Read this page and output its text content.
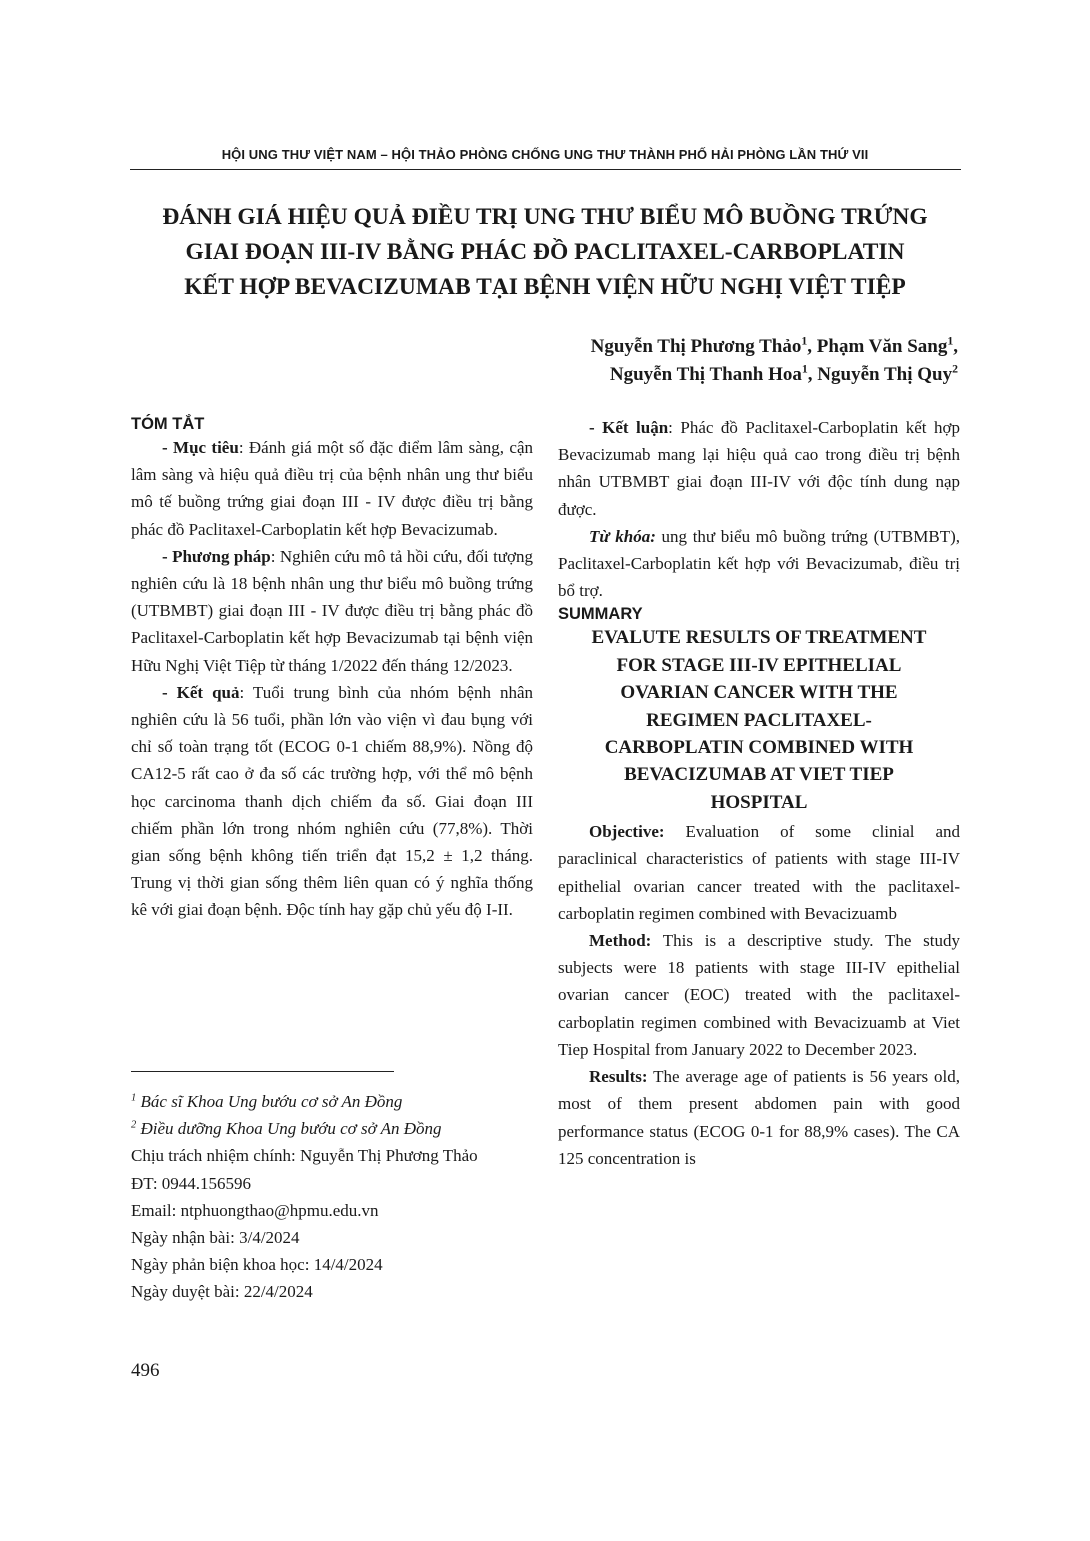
HỘI UNG THƯ VIỆT NAM – HỘI THẢO PHÒNG CHỐNG UNG THƯ THÀNH PHỐ HẢI PHÒNG LẦN THỨ VII
ĐÁNH GIÁ HIỆU QUẢ ĐIỀU TRỊ UNG THƯ BIỂU MÔ BUỒNG TRỨNG
GIAI ĐOẠN III-IV BẰNG PHÁC ĐỒ PACLITAXEL-CARBOPLATIN
KẾT HỢP BEVACIZUMAB TẠI BỆNH VIỆN HỮU NGHỊ VIỆT TIỆP
Nguyễn Thị Phương Thảo$^1$, Phạm Văn Sang$^1$,
Nguyễn Thị Thanh Hoa$^1$, Nguyễn Thị Quy$^2$

TÓM TẮT

- Mục tiêu: Đánh giá một số đặc điểm lâm sàng, cận lâm sàng và hiệu quả điều trị của bệnh nhân ung thư biểu mô tế buồng trứng giai đoạn III - IV được điều trị bằng phác đồ Paclitaxel-Carboplatin kết hợp Bevacizumab.

- Phương pháp: Nghiên cứu mô tả hồi cứu, đối tượng nghiên cứu là 18 bệnh nhân ung thư biểu mô buồng trứng (UTBMBT) giai đoạn III - IV được điều trị bằng phác đồ Paclitaxel-Carboplatin kết hợp Bevacizumab tại bệnh viện Hữu Nghị Việt Tiệp từ tháng 1/2022 đến tháng 12/2023.

- Kết quả: Tuổi trung bình của nhóm bệnh nhân nghiên cứu là 56 tuổi, phần lớn vào viện vì đau bụng với chỉ số toàn trạng tốt (ECOG 0-1 chiếm 88,9%). Nồng độ CA12-5 rất cao ở đa số các trường hợp, với thể mô bệnh học carcinoma thanh dịch chiếm đa số. Giai đoạn III chiếm phần lớn trong nhóm nghiên cứu (77,8%). Thời gian sống bệnh không tiến triển đạt 15,2 ± 1,2 tháng. Trung vị thời gian sống thêm liên quan có ý nghĩa thống kê với giai đoạn bệnh. Độc tính hay gặp chủ yếu độ I-II.

$^1$ Bác sĩ Khoa Ung bướu cơ sở An Đồng
$^2$ Điều dưỡng Khoa Ung bướu cơ sở An Đồng
Chịu trách nhiệm chính: Nguyễn Thị Phương Thảo
ĐT: 0944.156596
Email: ntphuongthao@hpmu.edu.vn
Ngày nhận bài: 3/4/2024
Ngày phản biện khoa học: 14/4/2024
Ngày duyệt bài: 22/4/2024

- Kết luận: Phác đồ Paclitaxel-Carboplatin kết hợp Bevacizumab mang lại hiệu quả cao trong điều trị bệnh nhân UTBMBT giai đoạn III-IV với độc tính dung nạp được.

Từ khóa: ung thư biểu mô buồng trứng (UTBMBT), Paclitaxel-Carboplatin kết hợp với Bevacizumab, điều trị bổ trợ.

SUMMARY

EVALUTE RESULTS OF TREATMENT
FOR STAGE III-IV EPITHELIAL
OVARIAN CANCER WITH THE
REGIMEN PACLITAXEL-
CARBOPLATIN COMBINED WITH
BEVACIZUMAB AT VIET TIEP
HOSPITAL

Objective: Evaluation of some clinial and paraclinical characteristics of patients with stage III-IV epithelial ovarian cancer treated with the paclitaxel-carboplatin regimen combined with Bevacizuamb

Method: This is a descriptive study. The study subjects were 18 patients with stage III-IV epithelial ovarian cancer (EOC) treated with the paclitaxel-carboplatin regimen combined with Bevacizuamb at Viet Tiep Hospital from January 2022 to December 2023.

Results: The average age of patients is 56 years old, most of them present abdomen pain with good performance status (ECOG 0-1 for 88,9% cases). The CA 125 concentration is

496
